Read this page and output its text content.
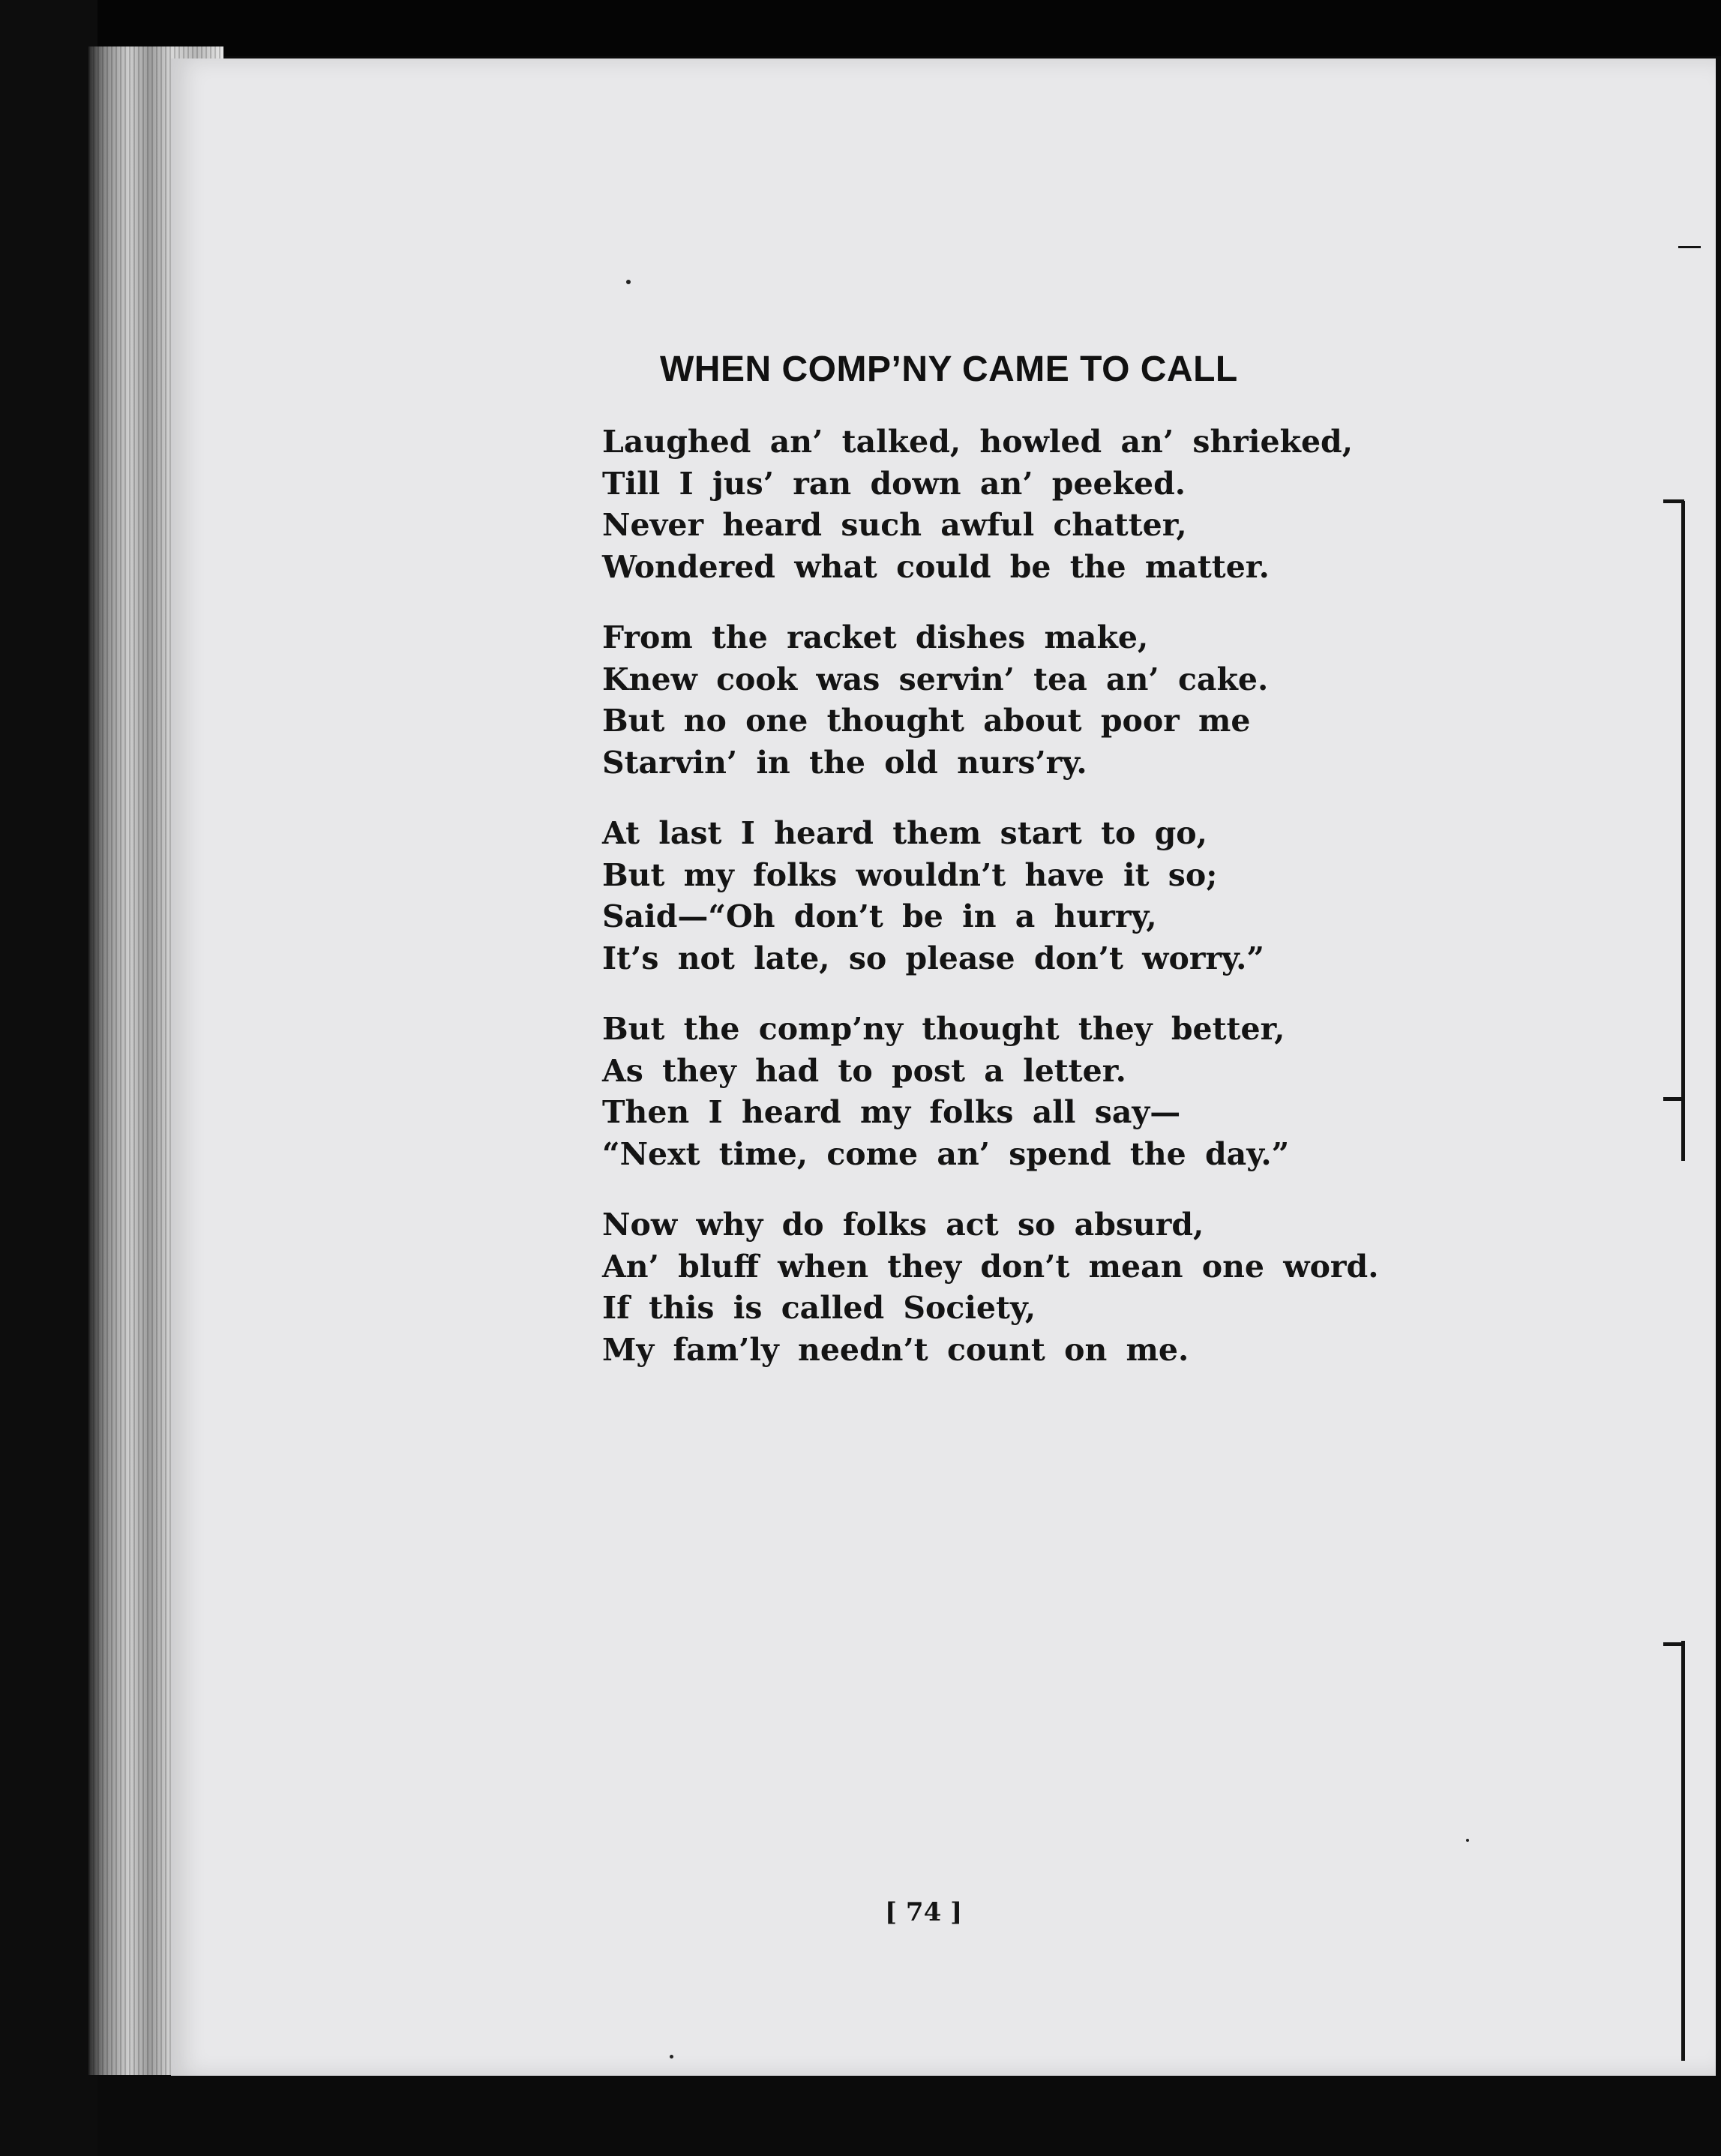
WHEN COMP’NY CAME TO CALL
Laughed an’ talked, howled an’ shrieked,
Till I jus’ ran down an’ peeked.
Never heard such awful chatter,
Wondered what could be the matter.
From the racket dishes make,
Knew cook was servin’ tea an’ cake.
But no one thought about poor me
Starvin’ in the old nurs’ry.
At last I heard them start to go,
But my folks wouldn’t have it so;
Said—“Oh don’t be in a hurry,
It’s not late, so please don’t worry.”
But the comp’ny thought they better,
As they had to post a letter.
Then I heard my folks all say—
“Next time, come an’ spend the day.”
Now why do folks act so absurd,
An’ bluff when they don’t mean one word.
If this is called Society,
My fam’ly needn’t count on me.
[ 74 ]
